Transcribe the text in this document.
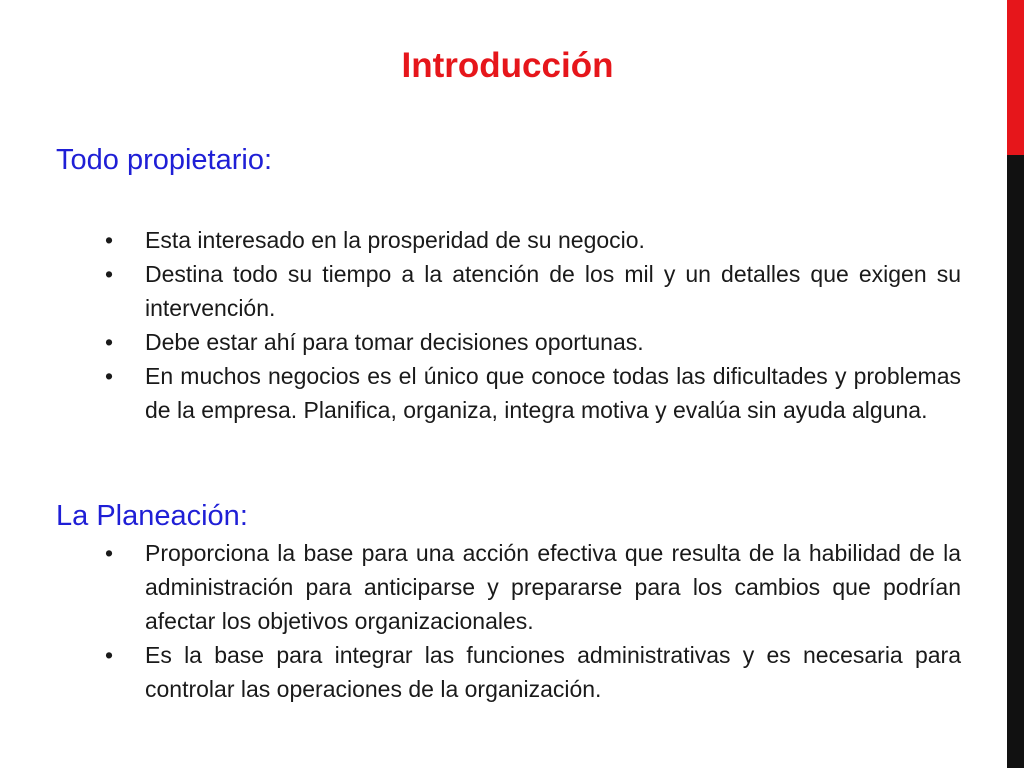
Introducción
Todo propietario:
•	Esta interesado en la prosperidad de su negocio.
•	Destina todo su tiempo a la atención de los mil y un detalles que exigen su intervención.
•	Debe estar ahí para tomar decisiones oportunas.
•	En muchos negocios es el único que conoce todas las dificultades y problemas de la empresa. Planifica, organiza, integra motiva y evalúa sin ayuda alguna.
La Planeación:
•	Proporciona la base para una acción efectiva que resulta de la habilidad de la administración para anticiparse y prepararse para los cambios que podrían afectar los objetivos organizacionales.
•	Es la base para integrar las funciones administrativas y es necesaria para controlar las operaciones de la organización.
